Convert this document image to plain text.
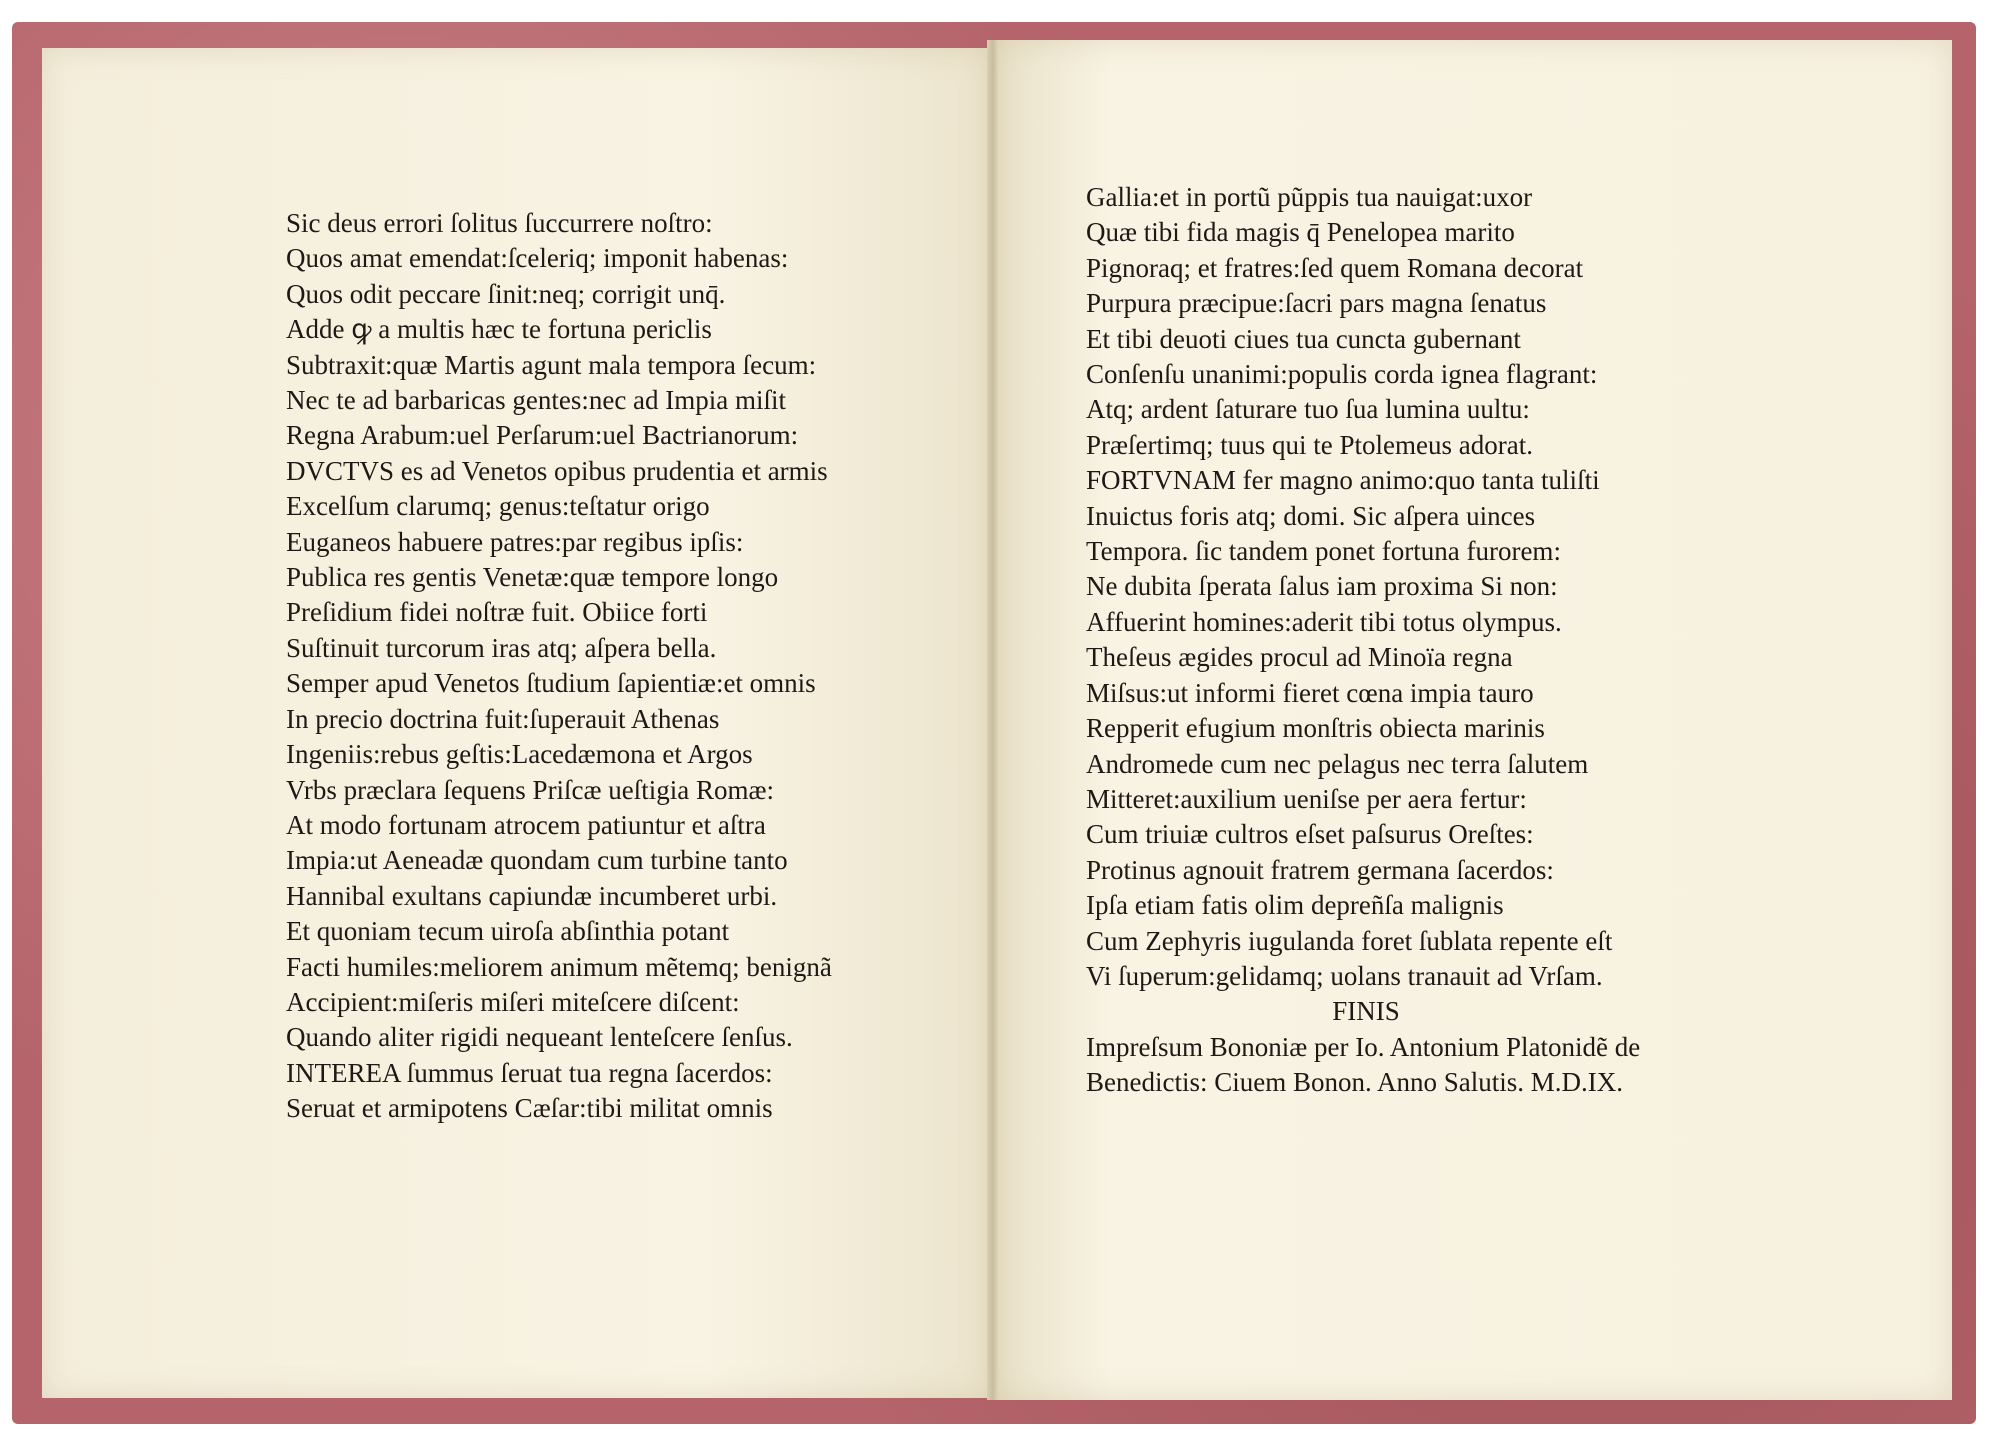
Sic deus errori ſolitus ſuccurrere noſtro:
Quos amat emendat:ſceleriq; imponit habenas:
Quos odit peccare ſinit:neq; corrigit unq̄.
Adde ꝙ a multis hæc te fortuna periclis
Subtraxit:quæ Martis agunt mala tempora ſecum:
Nec te ad barbaricas gentes:nec ad Impia miſit
Regna Arabum:uel Perſarum:uel Bactrianorum:
DVCTVS es ad Venetos opibus prudentia et armis
Excelſum clarumq; genus:teſtatur origo
Euganeos habuere patres:par regibus ipſis:
Publica res gentis Venetæ:quæ tempore longo
Preſidium fidei noſtræ fuit. Obiice forti
Suſtinuit turcorum iras atq; aſpera bella.
Semper apud Venetos ſtudium ſapientiæ:et omnis
In precio doctrina fuit:ſuperauit Athenas
Ingeniis:rebus geſtis:Lacedæmona et Argos
Vrbs præclara ſequens Priſcæ ueſtigia Romæ:
At modo fortunam atrocem patiuntur et aſtra
Impia:ut Aeneadæ quondam cum turbine tanto
Hannibal exultans capiundæ incumberet urbi.
Et quoniam tecum uiroſa abſinthia potant
Facti humiles:meliorem animum mẽtemq; benignã
Accipient:miſeris miſeri miteſcere diſcent:
Quando aliter rigidi nequeant lenteſcere ſenſus.
INTEREA ſummus ſeruat tua regna ſacerdos:
Seruat et armipotens Cæſar:tibi militat omnis
Gallia:et in portũ pũppis tua nauigat:uxor
Quæ tibi fida magis q̄ Penelopea marito
Pignoraq; et fratres:ſed quem Romana decorat
Purpura præcipue:ſacri pars magna ſenatus
Et tibi deuoti ciues tua cuncta gubernant
Conſenſu unanimi:populis corda ignea flagrant:
Atq; ardent ſaturare tuo ſua lumina uultu:
Præſertimq; tuus qui te Ptolemeus adorat.
FORTVNAM fer magno animo:quo tanta tuliſti
Inuictus foris atq; domi. Sic aſpera uinces
Tempora. ſic tandem ponet fortuna furorem:
Ne dubita ſperata ſalus iam proxima Si non:
Affuerint homines:aderit tibi totus olympus.
Theſeus ægides procul ad Minoïa regna
Miſsus:ut informi fieret cœna impia tauro
Repperit efugium monſtris obiecta marinis
Andromede cum nec pelagus nec terra ſalutem
Mitteret:auxilium ueniſse per aera fertur:
Cum triuiæ cultros eſset paſsurus Oreſtes:
Protinus agnouit fratrem germana ſacerdos:
Ipſa etiam fatis olim depreñſa malignis
Cum Zephyris iugulanda foret ſublata repente eſt
Vi ſuperum:gelidamq; uolans tranauit ad Vrſam.
FINIS
Impreſsum Bononiæ per Io. Antonium Platonidẽ de
Benedictis: Ciuem Bonon. Anno Salutis. M.D.IX.
